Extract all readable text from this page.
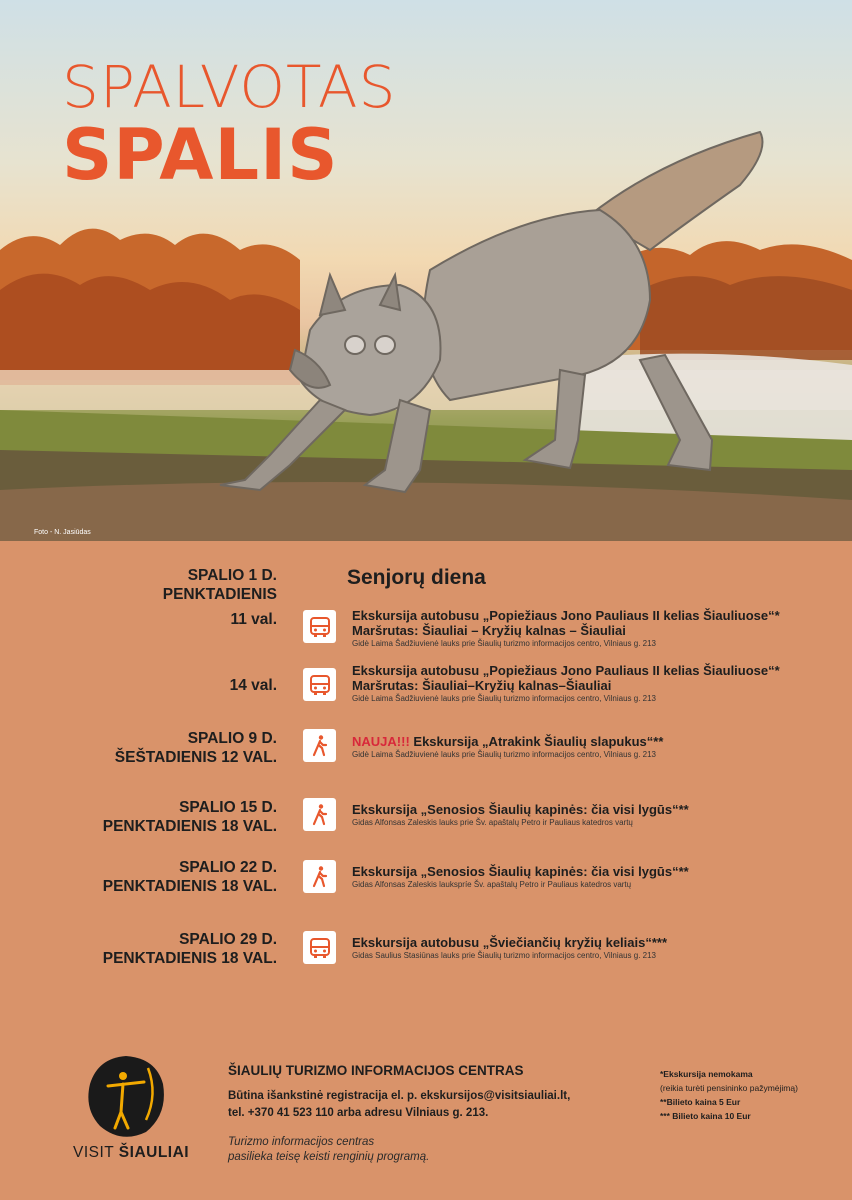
SPALVOTAS
SPALIS
Foto - N. Jasiūdas
SPALIO 1 D.
PENKTADIENIS
Senjorų diena
11 val.	Ekskursija autobusu „Popiežiaus Jono Pauliaus II kelias Šiauliuose“*
Maršrutas: Šiauliai – Kryžių kalnas – Šiauliai
Gidė Laima Šadžiuvienė lauks prie Šiaulių turizmo informacijos centro, Vilniaus g. 213
14 val.
Ekskursija autobusu „Popiežiaus Jono Pauliaus II kelias Šiauliuose“*
Maršrutas: Šiauliai–Kryžių kalnas–Šiauliai
Gidė Laima Šadžiuvienė lauks prie Šiaulių turizmo informacijos centro, Vilniaus g. 213
SPALIO 9 D.
ŠEŠTADIENIS 12 VAL.
NAUJA!!! Ekskursija „Atrakink Šiaulių slapukus“**
Gidė Laima Šadžiuvienė lauks prie Šiaulių turizmo informacijos centro, Vilniaus g. 213
SPALIO 15 D.
PENKTADIENIS 18 VAL.
Ekskursija „Senosios Šiaulių kapinės: čia visi lygūs“**
Gidas Alfonsas Zaleskis lauks prie Šv. apaštalų Petro ir Pauliaus katedros vartų
SPALIO 22 D.
PENKTADIENIS 18 VAL.
Ekskursija „Senosios Šiaulių kapinės: čia visi lygūs“**
Gidas Alfonsas Zaleskis laukspríe Šv. apaštalų Petro ir Pauliaus katedros vartų
SPALIO 29 D.
PENKTADIENIS 18 VAL.
Ekskursija autobusu „Šviečiančių kryžių keliais“***
Gidas Saulius Stasiūnas lauks prie Šiaulių turizmo informacijos centro, Vilniaus g. 213
VISIT ŠIAULIAI
ŠIAULIŲ TURIZMO INFORMACIJOS CENTRAS
Būtina išankstinė registracija el. p. ekskursijos@visitsiauliai.lt,
tel. +370 41 523 110 arba adresu Vilniaus g. 213.
Turizmo informacijos centras
pasilieka teisę keisti renginių programą.
*Ekskursija nemokama
(reikia turėti pensininko pažymėjimą)
**Bilieto kaina 5 Eur
*** Bilieto kaina 10 Eur
